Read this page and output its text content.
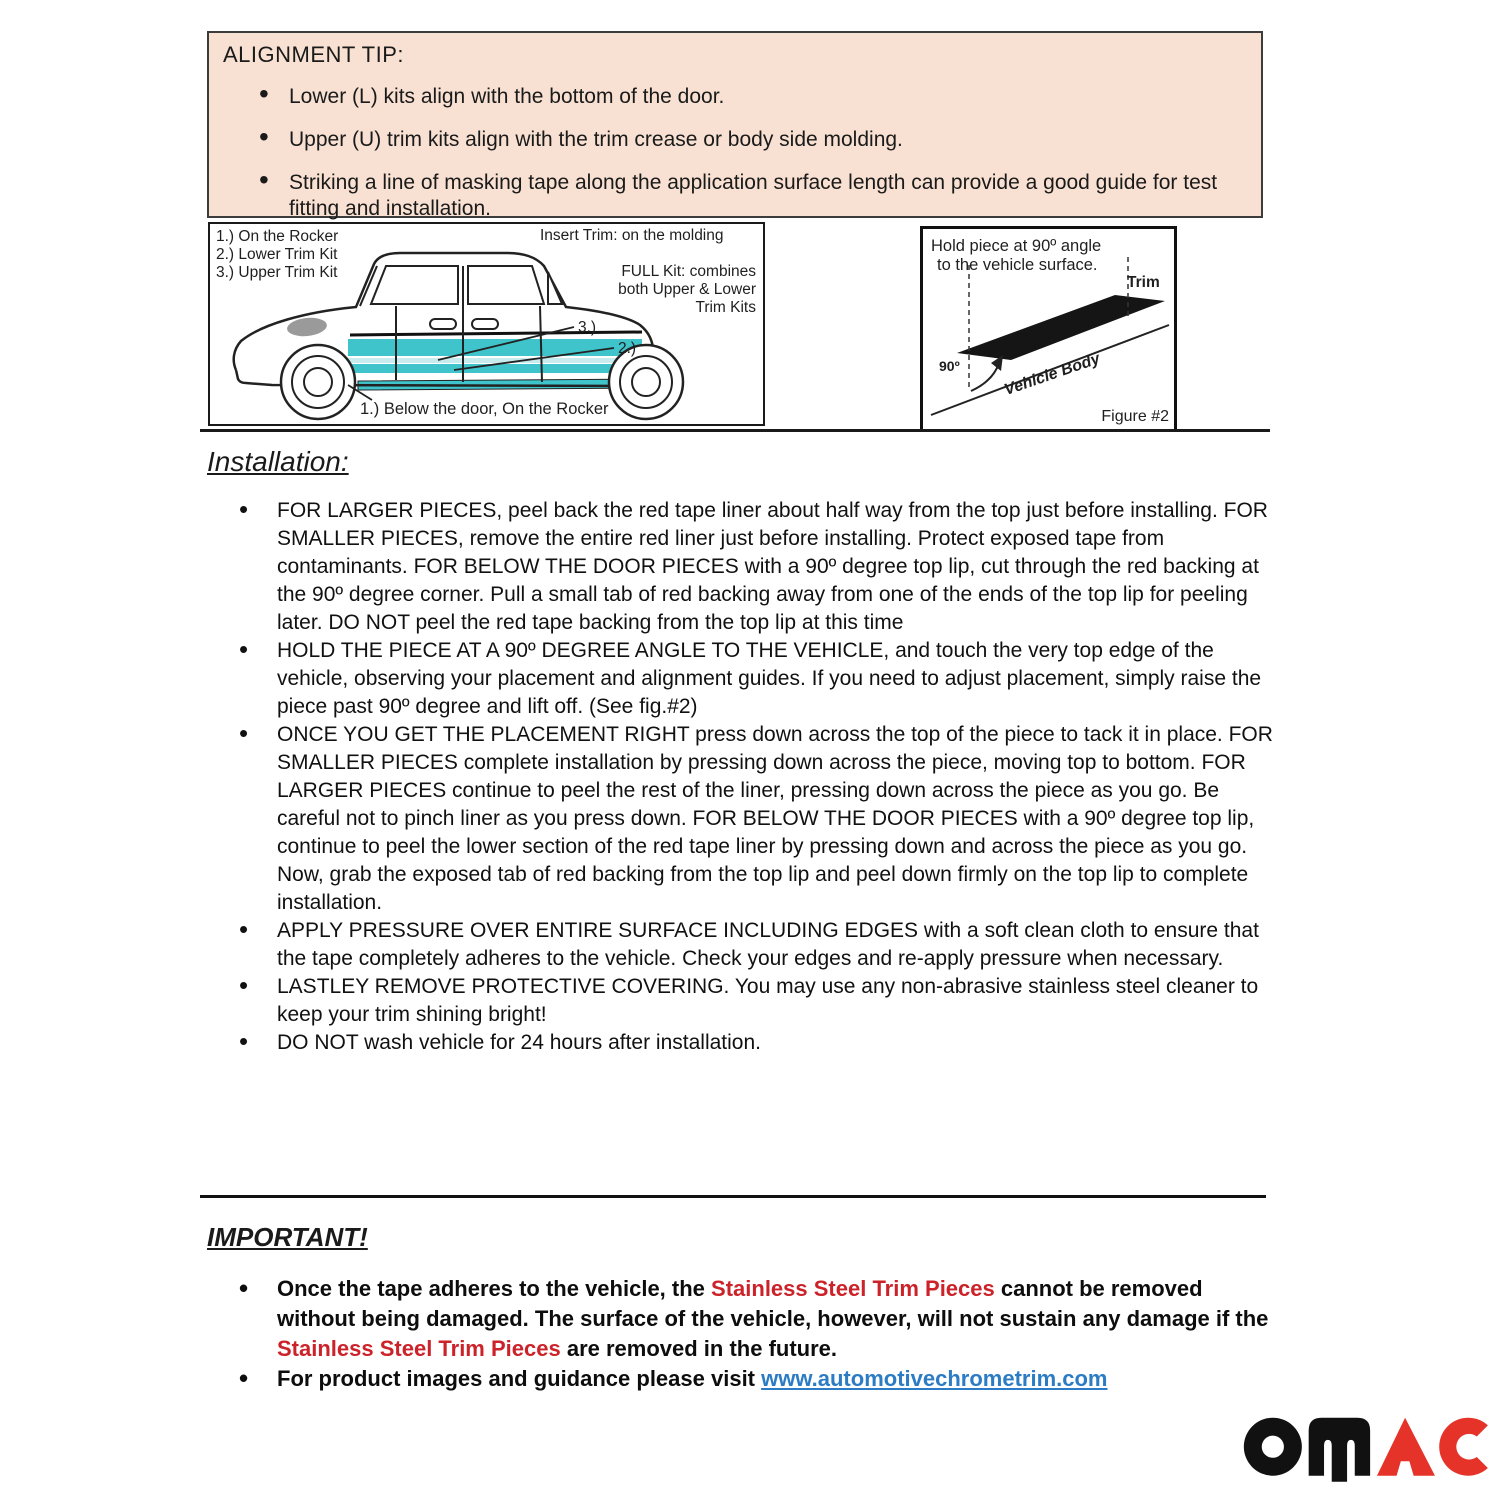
ALIGNMENT TIP:
• Lower (L) kits align with the bottom of the door.
• Upper (U) trim kits align with the trim crease or body side molding.
• Striking a line of masking tape along the application surface length can provide a good guide for test fitting and installation.
1.) On the Rocker
2.) Lower Trim Kit
3.) Upper Trim Kit
Insert Trim: on the molding
FULL Kit: combines
both Upper & Lower
Trim Kits
3.)
2.)
1.) Below the door, On the Rocker
Hold piece at 90º angle
to the vehicle surface.
Trim
90º	Vehicle Body
Figure #2
Installation:
• FOR LARGER PIECES, peel back the red tape liner about half way from the top just before installing. FOR SMALLER PIECES, remove the entire red liner just before installing. Protect exposed tape from contaminants. FOR BELOW THE DOOR PIECES with a 90º degree top lip, cut through the red backing at the 90º degree corner. Pull a small tab of red backing away from one of the ends of the top lip for peeling later. DO NOT peel the red tape backing from the top lip at this time
• HOLD THE PIECE AT A 90º DEGREE ANGLE TO THE VEHICLE, and touch the very top edge of the vehicle, observing your placement and alignment guides. If you need to adjust placement, simply raise the piece past 90º degree and lift off. (See fig.#2)
• ONCE YOU GET THE PLACEMENT RIGHT press down across the top of the piece to tack it in place. FOR SMALLER PIECES complete installation by pressing down across the piece, moving top to bottom. FOR LARGER PIECES continue to peel the rest of the liner, pressing down across the piece as you go. Be careful not to pinch liner as you press down. FOR BELOW THE DOOR PIECES with a 90º degree top lip, continue to peel the lower section of the red tape liner by pressing down and across the piece as you go. Now, grab the exposed tab of red backing from the top lip and peel down firmly on the top lip to complete installation.
• APPLY PRESSURE OVER ENTIRE SURFACE INCLUDING EDGES with a soft clean cloth to ensure that the tape completely adheres to the vehicle. Check your edges and re-apply pressure when necessary.
• LASTLEY REMOVE PROTECTIVE COVERING. You may use any non-abrasive stainless steel cleaner to keep your trim shining bright!
• DO NOT wash vehicle for 24 hours after installation.
IMPORTANT!
• Once the tape adheres to the vehicle, the Stainless Steel Trim Pieces cannot be removed without being damaged. The surface of the vehicle, however, will not sustain any damage if the Stainless Steel Trim Pieces are removed in the future.
• For product images and guidance please visit www.automotivechrometrim.com
